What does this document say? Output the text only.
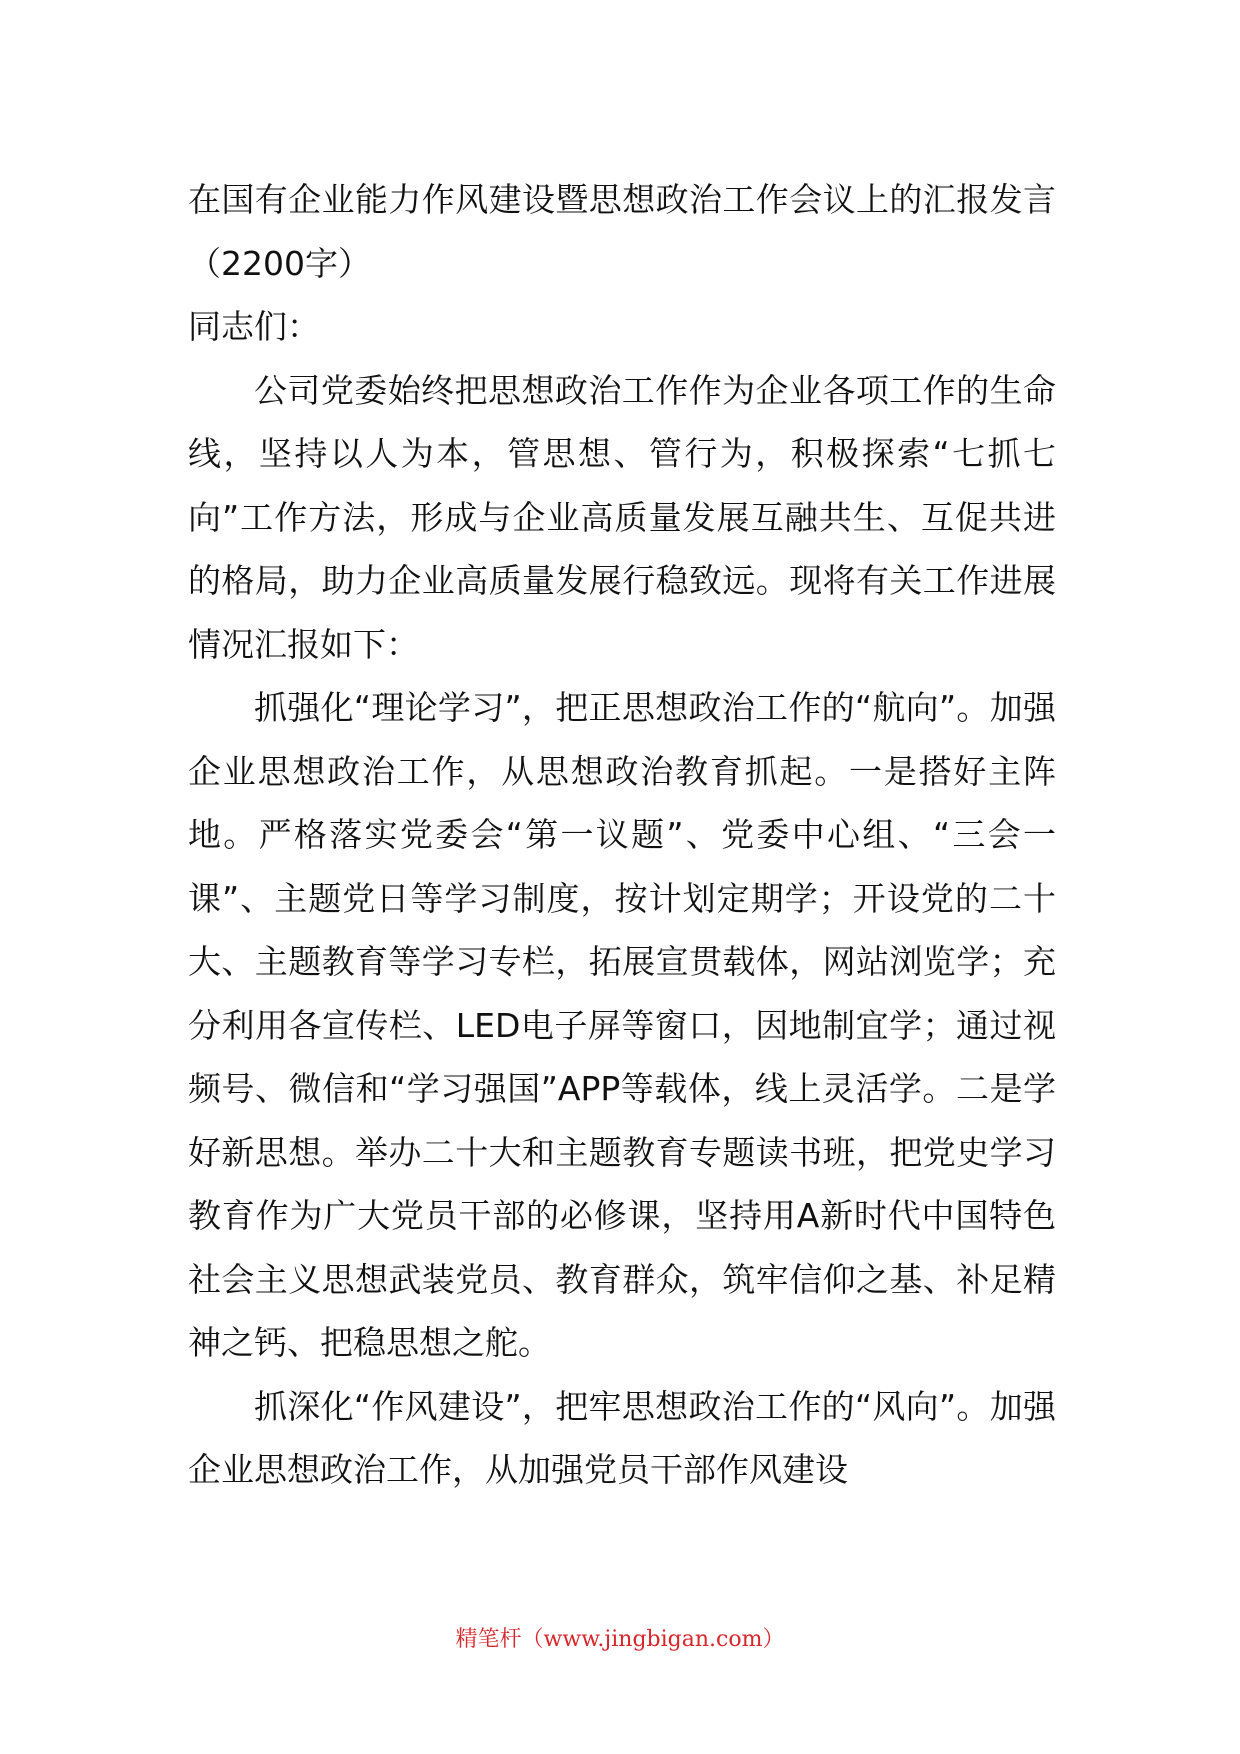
在国有企业能力作风建设暨思想政治工作会议上的汇报发言（2200字）

同志们：

公司党委始终把思想政治工作作为企业各项工作的生命线，坚持以人为本，管思想、管行为，积极探索“七抓七向”工作方法，形成与企业高质量发展互融共生、互促共进的格局，助力企业高质量发展行稳致远。现将有关工作进展情况汇报如下：

抓强化“理论学习”，把正思想政治工作的“航向”。加强企业思想政治工作，从思想政治教育抓起。一是搭好主阵地。严格落实党委会“第一议题”、党委中心组、“三会一课”、主题党日等学习制度，按计划定期学；开设党的二十大、主题教育等学习专栏，拓展宣贯载体，网站浏览学；充分利用各宣传栏、LED电子屏等窗口，因地制宜学；通过视频号、微信和“学习强国”APP等载体，线上灵活学。二是学好新思想。举办二十大和主题教育专题读书班，把党史学习教育作为广大党员干部的必修课，坚持用A新时代中国特色社会主义思想武装党员、教育群众，筑牢信仰之基、补足精神之钙、把稳思想之舵。

抓深化“作风建设”，把牢思想政治工作的“风向”。加强企业思想政治工作，从加强党员干部作风建设

精笔杆（www.jingbigan.com）
